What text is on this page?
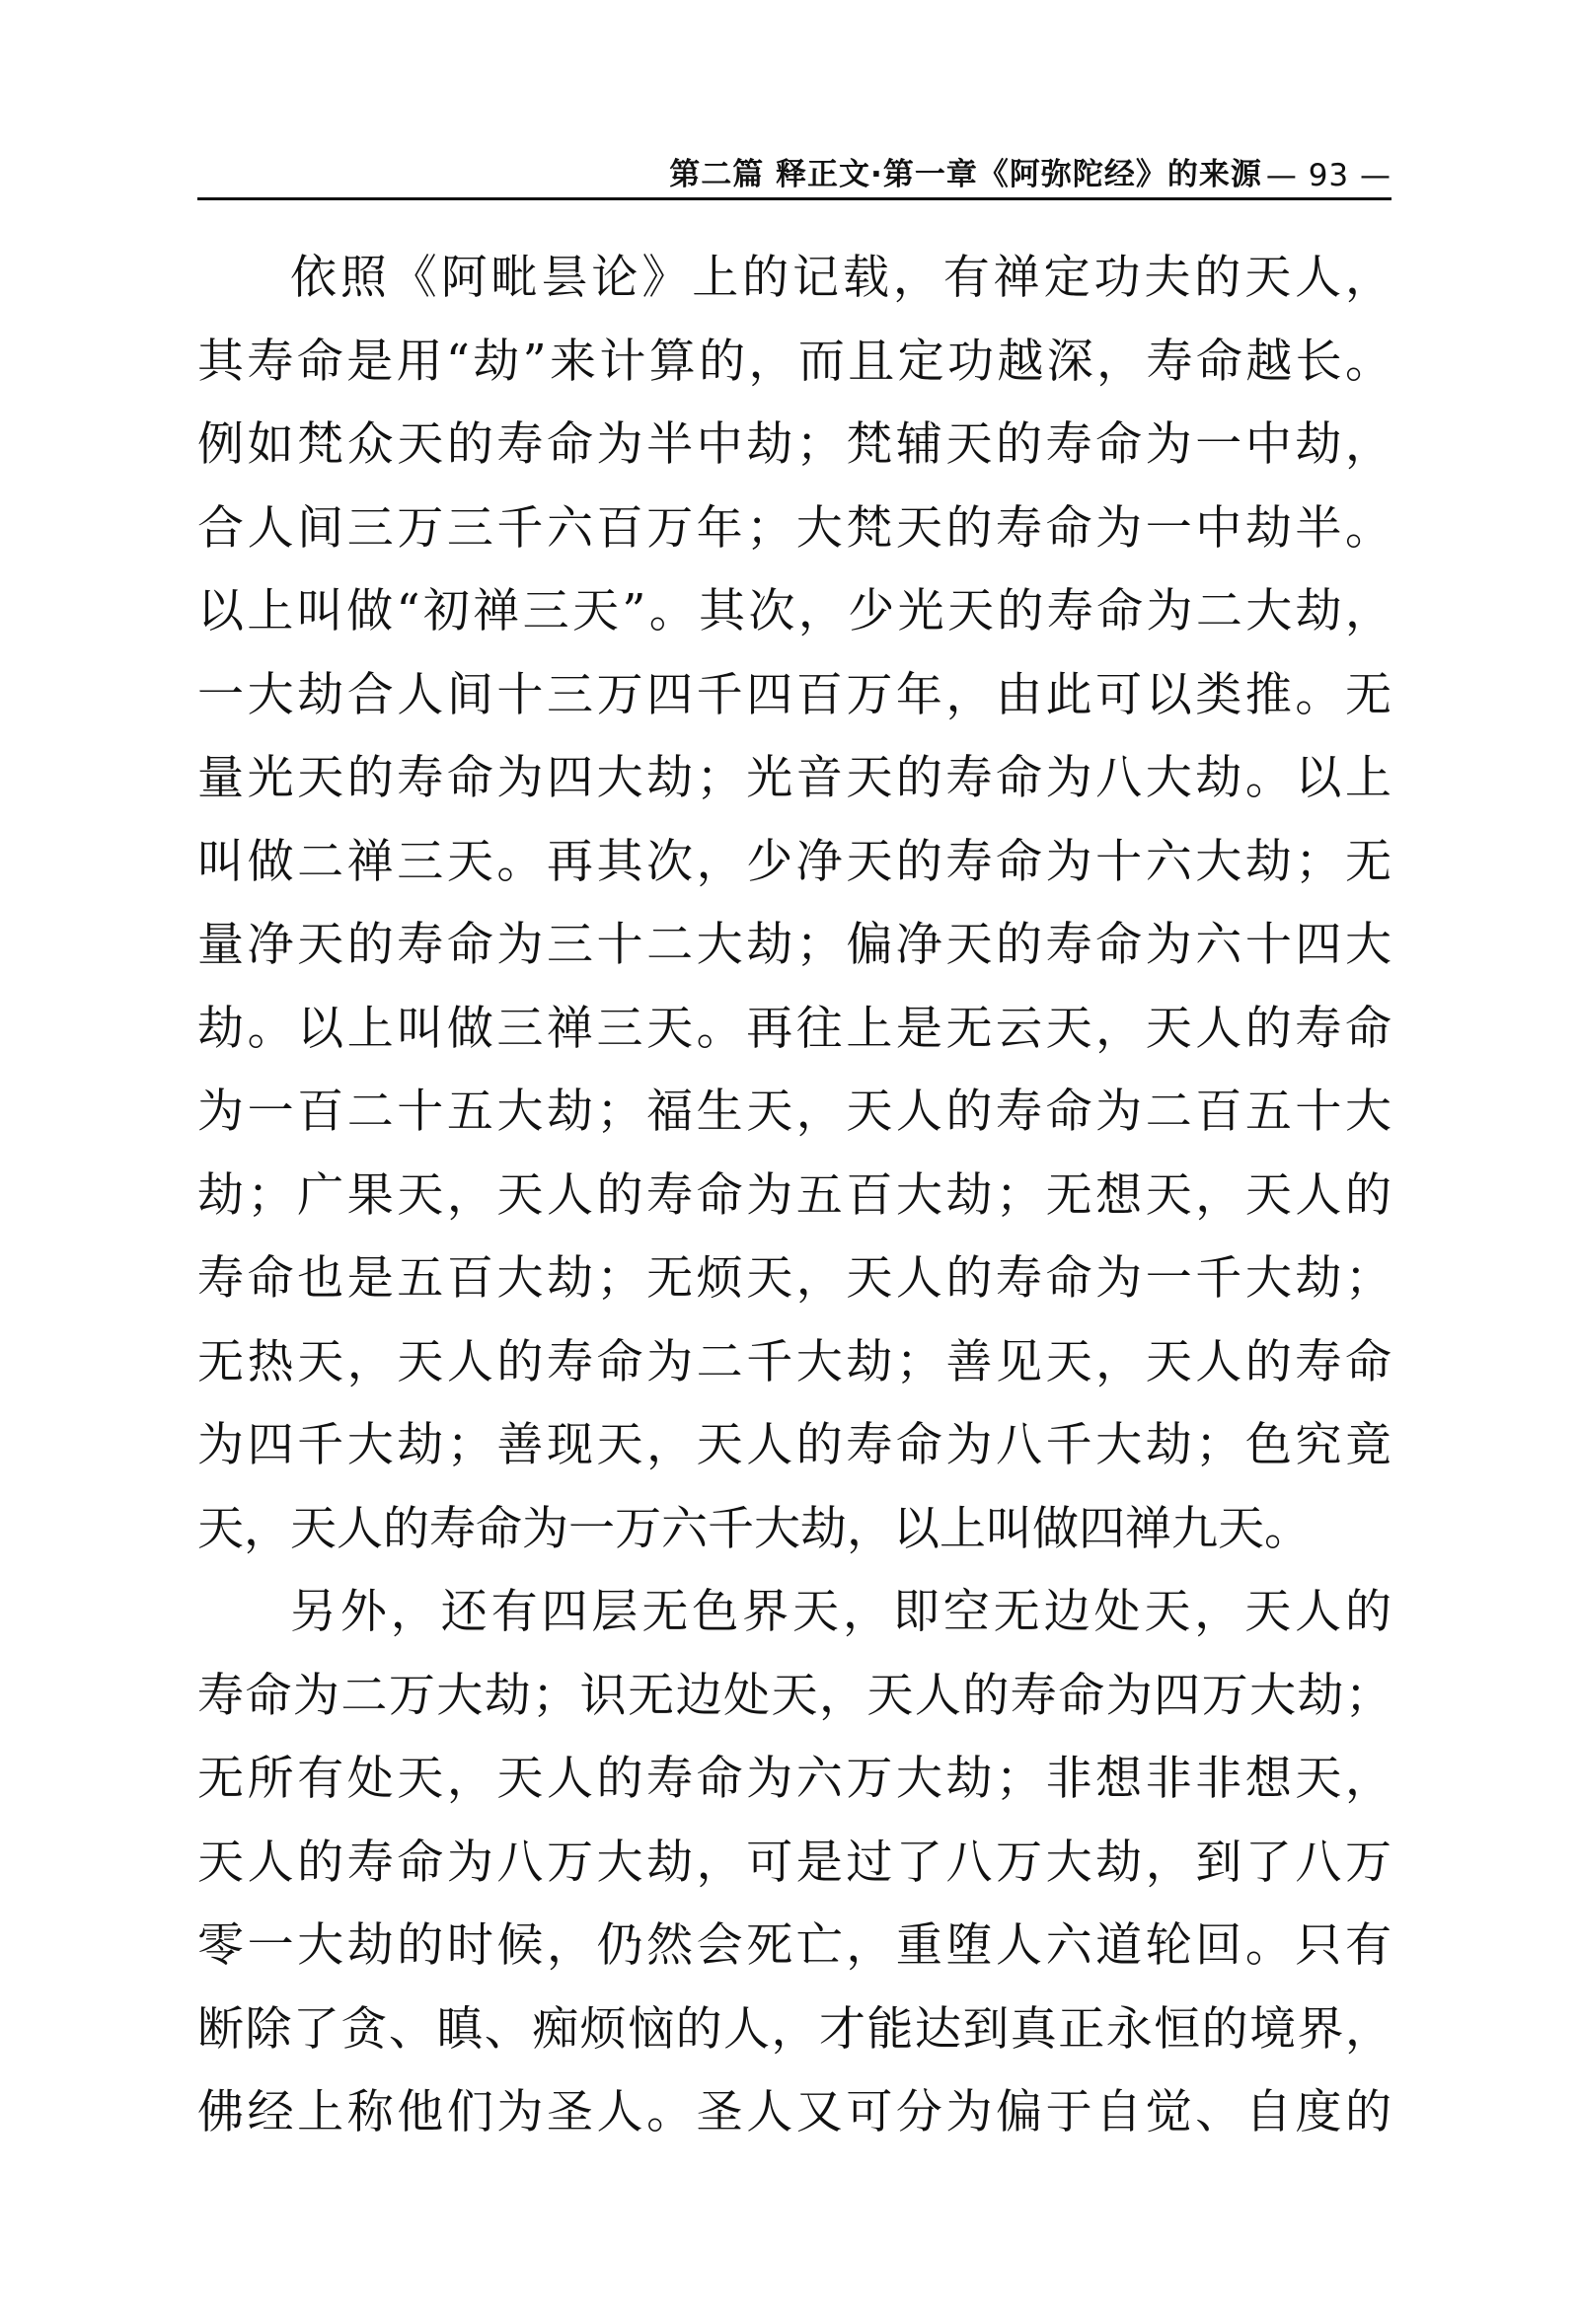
第二篇 释正文·第一章《阿弥陀经》的来源 — 93 —
依照《阿毗昙论》上的记载，有禅定功夫的天人，
其寿命是用“劫”来计算的，而且定功越深，寿命越长。
例如梵众天的寿命为半中劫；梵辅天的寿命为一中劫，
合人间三万三千六百万年；大梵天的寿命为一中劫半。
以上叫做“初禅三天”。其次，少光天的寿命为二大劫，
一大劫合人间十三万四千四百万年，由此可以类推。无
量光天的寿命为四大劫；光音天的寿命为八大劫。以上
叫做二禅三天。再其次，少净天的寿命为十六大劫；无
量净天的寿命为三十二大劫；偏净天的寿命为六十四大
劫。以上叫做三禅三天。再往上是无云天，天人的寿命
为一百二十五大劫；福生天，天人的寿命为二百五十大
劫；广果天，天人的寿命为五百大劫；无想天，天人的
寿命也是五百大劫；无烦天，天人的寿命为一千大劫；
无热天，天人的寿命为二千大劫；善见天，天人的寿命
为四千大劫；善现天，天人的寿命为八千大劫；色究竟
天，天人的寿命为一万六千大劫，以上叫做四禅九天。
另外，还有四层无色界天，即空无边处天，天人的
寿命为二万大劫；识无边处天，天人的寿命为四万大劫；
无所有处天，天人的寿命为六万大劫；非想非非想天，
天人的寿命为八万大劫，可是过了八万大劫，到了八万
零一大劫的时候，仍然会死亡，重堕人六道轮回。只有
断除了贪、瞋、痴烦恼的人，才能达到真正永恒的境界，
佛经上称他们为圣人。圣人又可分为偏于自觉、自度的
